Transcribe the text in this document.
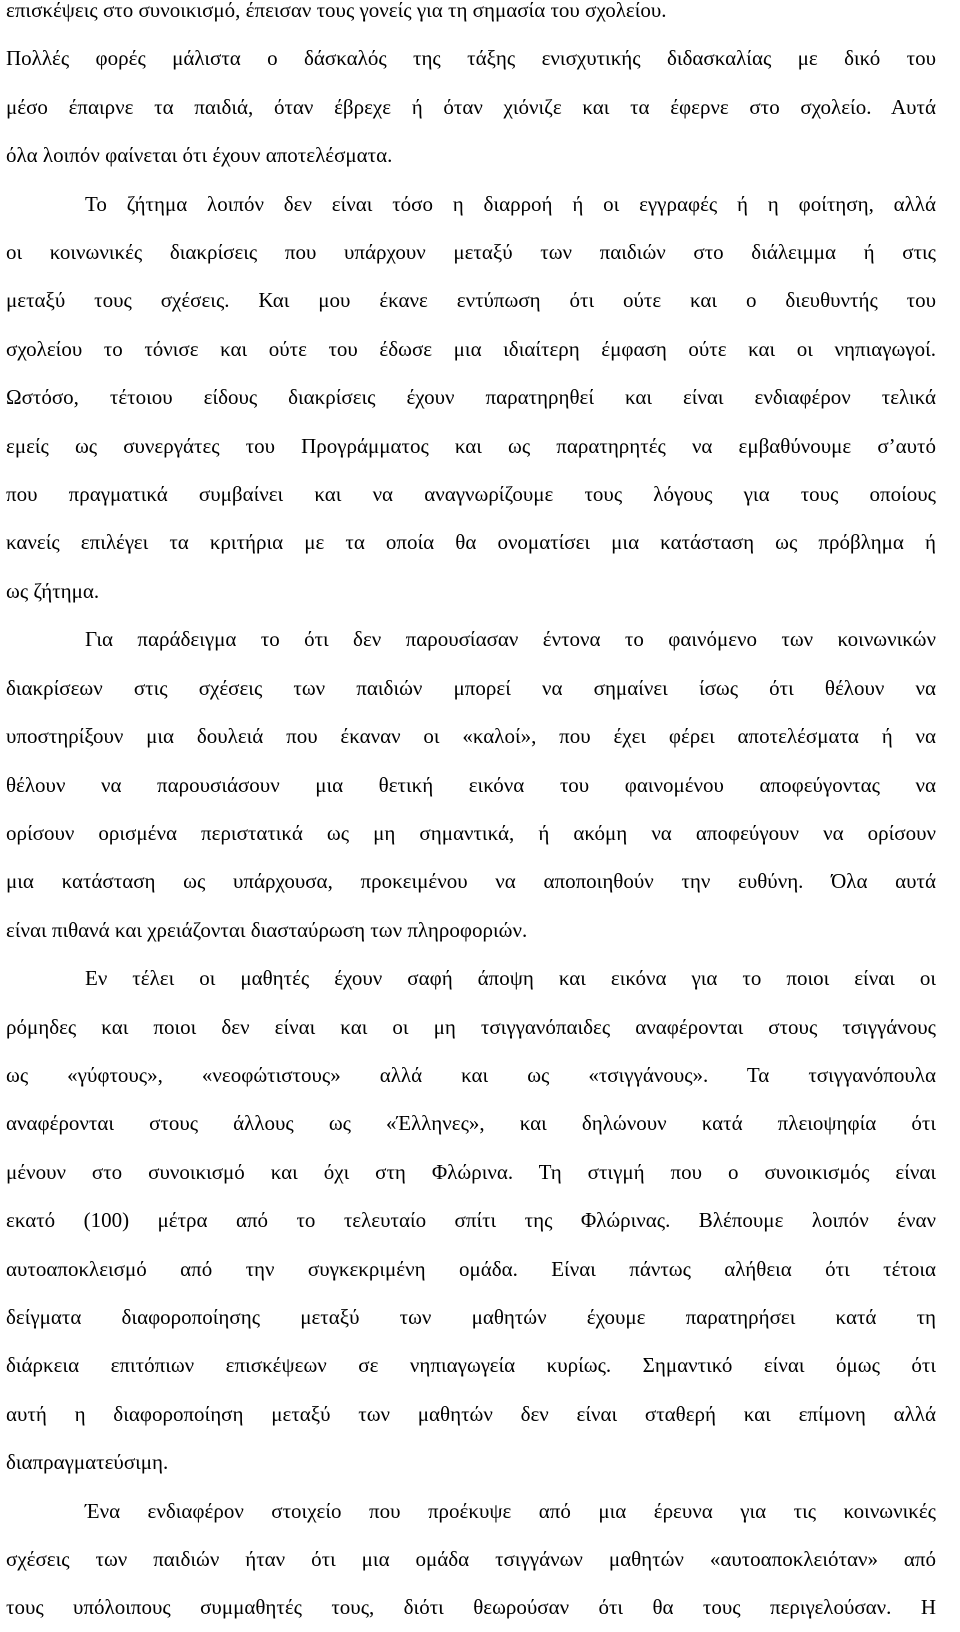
επισκέψεις στο συνοικισμό, έπεισαν τους γονείς για τη σημασία του σχολείου.
Πολλές φορές μάλιστα ο δάσκαλός της τάξης ενισχυτικής διδασκαλίας με δικό του
μέσο έπαιρνε τα παιδιά, όταν έβρεχε ή όταν χιόνιζε και τα έφερνε στο σχολείο. Αυτά
όλα λοιπόν φαίνεται ότι έχουν αποτελέσματα.

Το ζήτημα λοιπόν δεν είναι τόσο η διαρροή ή οι εγγραφές ή η φοίτηση, αλλά
οι κοινωνικές διακρίσεις που υπάρχουν μεταξύ των παιδιών στο διάλειμμα ή στις
μεταξύ τους σχέσεις. Και μου έκανε εντύπωση ότι ούτε και ο διευθυντής του
σχολείου το τόνισε και ούτε του έδωσε μια ιδιαίτερη έμφαση ούτε και οι νηπιαγωγοί.
Ωστόσο, τέτοιου είδους διακρίσεις έχουν παρατηρηθεί και είναι ενδιαφέρον τελικά
εμείς ως συνεργάτες του Προγράμματος και ως παρατηρητές να εμβαθύνουμε σ’αυτό
που πραγματικά συμβαίνει και να αναγνωρίζουμε τους λόγους για τους οποίους
κανείς επιλέγει τα κριτήρια με τα οποία θα ονοματίσει μια κατάσταση ως πρόβλημα ή
ως ζήτημα.

Για παράδειγμα το ότι δεν παρουσίασαν έντονα το φαινόμενο των κοινωνικών
διακρίσεων στις σχέσεις των παιδιών μπορεί να σημαίνει ίσως ότι θέλουν να
υποστηρίξουν μια δουλειά που έκαναν οι «καλοί», που έχει φέρει αποτελέσματα ή να
θέλουν να παρουσιάσουν μια θετική εικόνα του φαινομένου αποφεύγοντας να
ορίσουν ορισμένα περιστατικά ως μη σημαντικά, ή ακόμη να αποφεύγουν να ορίσουν
μια κατάσταση ως υπάρχουσα, προκειμένου να αποποιηθούν την ευθύνη. Όλα αυτά
είναι πιθανά και χρειάζονται διασταύρωση των πληροφοριών.

Εν τέλει οι μαθητές έχουν σαφή άποψη και εικόνα για το ποιοι είναι οι
ρόμηδες και ποιοι δεν είναι και οι μη τσιγγανόπαιδες αναφέρονται στους τσιγγάνους
ως «γύφτους», «νεοφώτιστους» αλλά και ως «τσιγγάνους». Τα τσιγγανόπουλα
αναφέρονται στους άλλους ως «Έλληνες», και δηλώνουν κατά πλειοψηφία ότι
μένουν στο συνοικισμό και όχι στη Φλώρινα. Τη στιγμή που ο συνοικισμός είναι
εκατό (100) μέτρα από το τελευταίο σπίτι της Φλώρινας. Βλέπουμε λοιπόν έναν
αυτοαποκλεισμό από την συγκεκριμένη ομάδα. Είναι πάντως αλήθεια ότι τέτοια
δείγματα διαφοροποίησης μεταξύ των μαθητών έχουμε παρατηρήσει κατά τη
διάρκεια επιτόπιων επισκέψεων σε νηπιαγωγεία κυρίως. Σημαντικό είναι όμως ότι
αυτή η διαφοροποίηση μεταξύ των μαθητών δεν είναι σταθερή και επίμονη αλλά
διαπραγματεύσιμη.

Ένα ενδιαφέρον στοιχείο που προέκυψε από μια έρευνα για τις κοινωνικές
σχέσεις των παιδιών ήταν ότι μια ομάδα τσιγγάνων μαθητών «αυτοαποκλειόταν» από
τους υπόλοιπους συμμαθητές τους, διότι θεωρούσαν ότι θα τους περιγελούσαν. Η
